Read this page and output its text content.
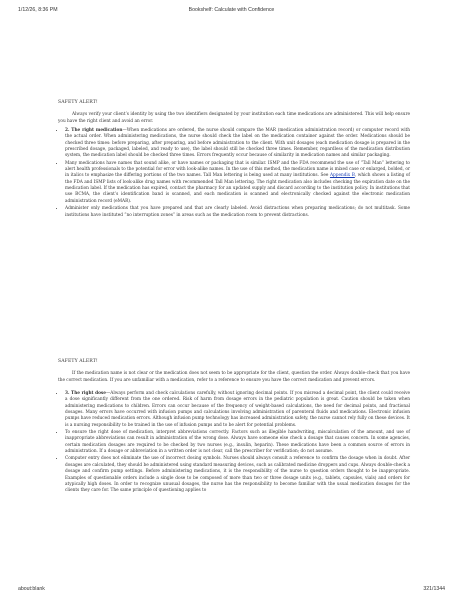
1/12/26, 8:36 PM	Bookshelf: Calculate with Confidence

SAFETY ALERT!

Always verify your client’s identity by using the two identifiers designated by your institution each time medications are administered. This will help ensure you have the right client and avoid an error.

• 2. The right medication—When medications are ordered, the nurse should compare the MAR (medication administration record) or computer record with the actual order. When administering medications, the nurse should check the label on the medication container against the order. Medications should be checked three times: before preparing, after preparing, and before administration to the client. With unit dosages (each medication dosage is prepared in the prescribed dosage, packaged, labeled, and ready to use), the label should still be checked three times. Remember, regardless of the medication distribution system, the medication label should be checked three times. Errors frequently occur because of similarity in medication names and similar packaging.
• Many medications have names that sound alike, or have names or packaging that is similar. ISMP and the FDA recommend the use of “Tall Man” lettering to alert health professionals to the potential for error with look-alike names. In the use of this method, the medication name is mixed case or enlarged, bolded, or in italics to emphasize the differing portions of the two names. Tall Man lettering is being used at many institutions. See Appendix B, which shows a listing of the FDA and ISMP lists of look-alike drug names with recommended Tall Man lettering. The right medication also includes checking the expiration date on the medication label. If the medication has expired, contact the pharmacy for an updated supply and discard according to the institution policy. In institutions that use BCMA, the client’s identification band is scanned, and each medication is scanned and electronically checked against the electronic medication administration record (eMAR).
• Administer only medications that you have prepared and that are clearly labeled. Avoid distractions when preparing medications; do not multitask. Some institutions have instituted “no interruption zones” in areas such as the medication room to prevent distractions.

SAFETY ALERT!

If the medication name is not clear or the medication does not seem to be appropriate for the client, question the order. Always double-check that you have the correct medication. If you are unfamiliar with a medication, refer to a reference to ensure you have the correct medication and prevent errors.

• 3. The right dose—Always perform and check calculations carefully, without ignoring decimal points. If you misread a decimal point, the client could receive a dose significantly different from the one ordered. Risk of harm from dosage errors in the pediatric population is great. Caution should be taken when administering medications to children. Errors can occur because of the frequency of weight-based calculations, the need for decimal points, and fractional dosages. Many errors have occurred with infusion pumps and calculations involving administration of parenteral fluids and medications. Electronic infusion pumps have reduced medication errors. Although infusion pump technology has increased administration safety, the nurse cannot rely fully on these devices. It is a nursing responsibility to be trained in the use of infusion pumps and to be alert for potential problems.
• To ensure the right dose of medication, interpret abbreviations correctly. Factors such as illegible handwriting, miscalculation of the amount, and use of inappropriate abbreviations can result in administration of the wrong dose. Always have someone else check a dosage that causes concern. In some agencies, certain medication dosages are required to be checked by two nurses (e.g., insulin, heparin). These medications have been a common source of errors in administration. If a dosage or abbreviation in a written order is not clear, call the prescriber for verification; do not assume.
• Computer entry does not eliminate the use of incorrect dosing symbols. Nurses should always consult a reference to confirm the dosage when in doubt. After dosages are calculated, they should be administered using standard measuring devices, such as calibrated medicine droppers and cups. Always double-check a dosage and confirm pump settings. Before administering medications, it is the responsibility of the nurse to question orders thought to be inappropriate. Examples of questionable orders include a single dose to be composed of more than two or three dosage units (e.g., tablets, capsules, vials) and orders for atypically high doses. In order to recognize unusual dosages, the nurse has the responsibility to become familiar with the usual medication dosages for the clients they care for. The same principle of questioning applies to
about:blank	321/1344
